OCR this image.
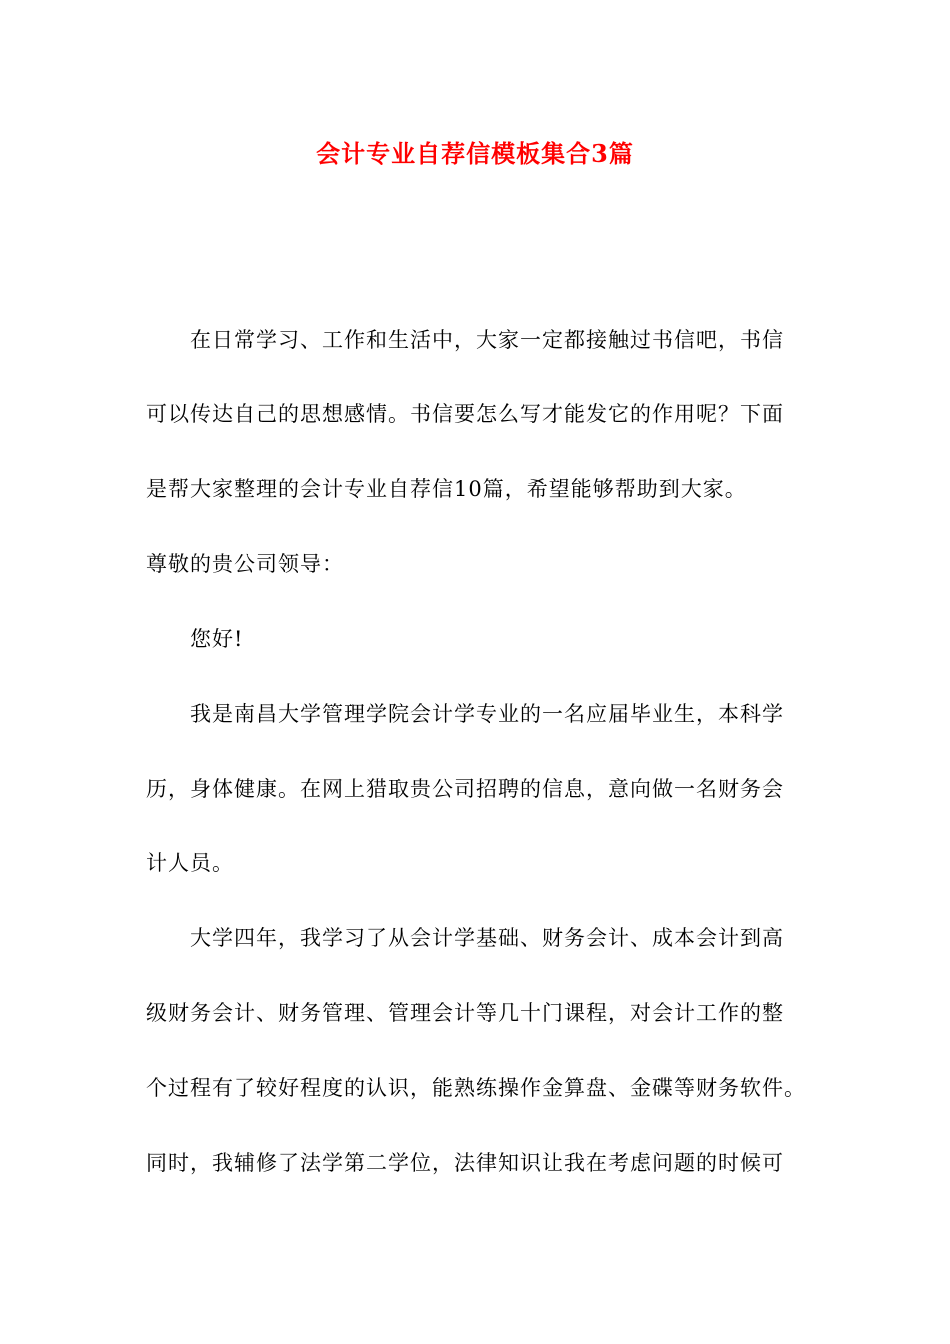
会计专业自荐信模板集合3篇
在日常学习、工作和生活中，大家一定都接触过书信吧，书信
可以传达自己的思想感情。书信要怎么写才能发它的作用呢？下面
是帮大家整理的会计专业自荐信10篇，希望能够帮助到大家。
尊敬的贵公司领导：
您好!
我是南昌大学管理学院会计学专业的一名应届毕业生，本科学
历，身体健康。在网上猎取贵公司招聘的信息，意向做一名财务会
计人员。
大学四年，我学习了从会计学基础、财务会计、成本会计到高
级财务会计、财务管理、管理会计等几十门课程，对会计工作的整
个过程有了较好程度的认识，能熟练操作金算盘、金碟等财务软件。
同时，我辅修了法学第二学位，法律知识让我在考虑问题的时候可
